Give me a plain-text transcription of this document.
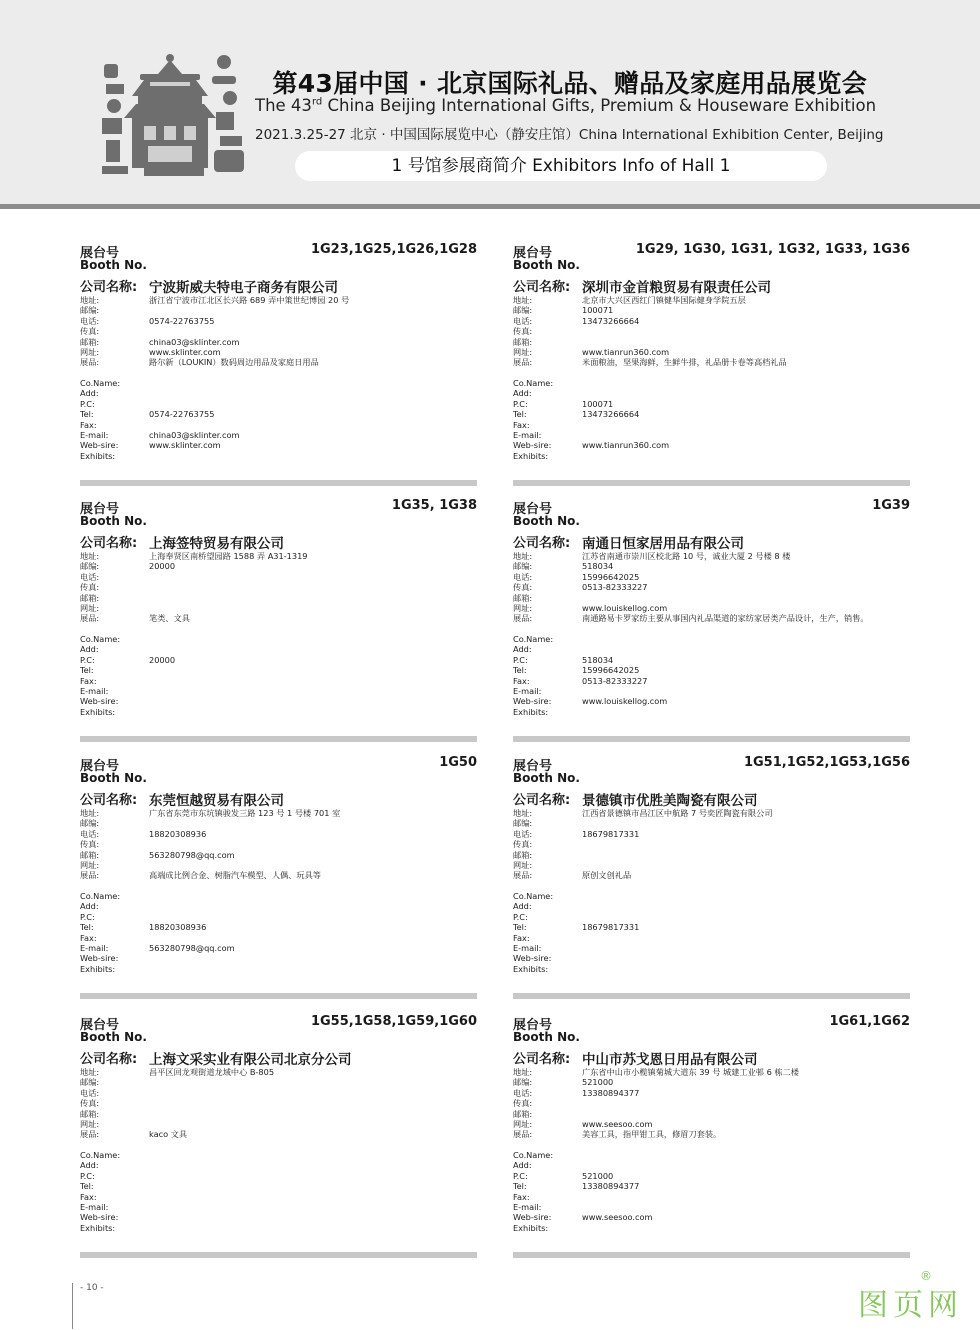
第43届中国 · 北京国际礼品、赠品及家庭用品展览会
The 43rd China Beijing International Gifts, Premium & Houseware Exhibition
2021.3.25-27 北京 · 中国国际展览中心（静安庄馆）China International Exhibition Center, Beijing
1 号馆参展商简介 Exhibitors Info of Hall 1
展台号
Booth No.
1G23,1G25,1G26,1G28
公司名称: 宁波斯威夫特电子商务有限公司
地址:	浙江省宁波市江北区长兴路 689 弄中策世纪博园 20 号
邮编:
电话:	0574-22763755
传真:
邮箱:	china03@sklinter.com
网址:	www.sklinter.com
展品:	路尔新（LOUKIN）数码周边用品及家庭日用品
Co.Name:
Add:
P.C:
Tel:	0574-22763755
Fax:
E-mail:	china03@sklinter.com
Web-sire:	www.sklinter.com
Exhibits:
展台号
Booth No.
1G29, 1G30, 1G31, 1G32, 1G33, 1G36
公司名称: 深圳市金首粮贸易有限责任公司
地址:	北京市大兴区西红门镇健华国际健身学院五层
邮编:	100071
电话:	13473266664
传真:
邮箱:
网址:	www.tianrun360.com
展品:	米面粮油，坚果海鲜，生鲜牛排，礼品册卡卷等高档礼品
Co.Name:
Add:
P.C:	100071
Tel:	13473266664
Fax:
E-mail:
Web-sire:	www.tianrun360.com
Exhibits:
展台号
Booth No.
1G35, 1G38
公司名称: 上海签特贸易有限公司
地址:	上海奉贤区南桥望园路 1588 弄 A31-1319
邮编:	20000
电话:
传真:
邮箱:
网址:
展品:	笔类、文具
Co.Name:
Add:
P.C:	20000
Tel:
Fax:
E-mail:
Web-sire:
Exhibits:
展台号
Booth No.
1G39
公司名称: 南通日恒家居用品有限公司
地址:	江苏省南通市崇川区校北路 10 号，诚业大厦 2 号楼 8 楼
邮编:	518034
电话:	15996642025
传真:	0513-82333227
邮箱:
网址:	www.louiskellog.com
展品:	南通路易卡罗家纺主要从事国内礼品渠道的家纺家居类产品设计，生产，销售。
Co.Name:
Add:
P.C:	518034
Tel:	15996642025
Fax:	0513-82333227
E-mail:
Web-sire:	www.louiskellog.com
Exhibits:
展台号
Booth No.
1G50
公司名称: 东莞恒越贸易有限公司
地址:	广东省东莞市东坑镇骏发三路 123 号 1 号楼 701 室
邮编:
电话:	18820308936
传真:
邮箱:	563280798@qq.com
网址:
展品:	高端成比例合金、树脂汽车模型、人偶、玩具等
Co.Name:
Add:
P.C:
Tel:	18820308936
Fax:
E-mail:	563280798@qq.com
Web-sire:
Exhibits:
展台号
Booth No.
1G51,1G52,1G53,1G56
公司名称: 景德镇市优胜美陶瓷有限公司
地址:	江西省景德镇市昌江区中航路 7 号奕匠陶瓷有限公司
邮编:
电话:	18679817331
传真:
邮箱:
网址:
展品:	原创文创礼品
Co.Name:
Add:
P.C:
Tel:	18679817331
Fax:
E-mail:
Web-sire:
Exhibits:
展台号
Booth No.
1G55,1G58,1G59,1G60
公司名称: 上海文采实业有限公司北京分公司
地址:	昌平区回龙观街道龙域中心 B-805
邮编:
电话:
传真:
邮箱:
网址:
展品:	kaco 文具
Co.Name:
Add:
P.C:
Tel:
Fax:
E-mail:
Web-sire:
Exhibits:
展台号
Booth No.
1G61,1G62
公司名称: 中山市苏戈恩日用品有限公司
地址:	广东省中山市小榄镇菊城大道东 39 号 城建工业邨 6 栋二楼
邮编:	521000
电话:	13380894377
传真:
邮箱:
网址:	www.seesoo.com
展品:	美容工具，指甲钳工具，修眉刀套装。
Co.Name:
Add:
P.C:	521000
Tel:	13380894377
Fax:
E-mail:
Web-sire:	www.seesoo.com
Exhibits:
- 10 -	图页网
®
